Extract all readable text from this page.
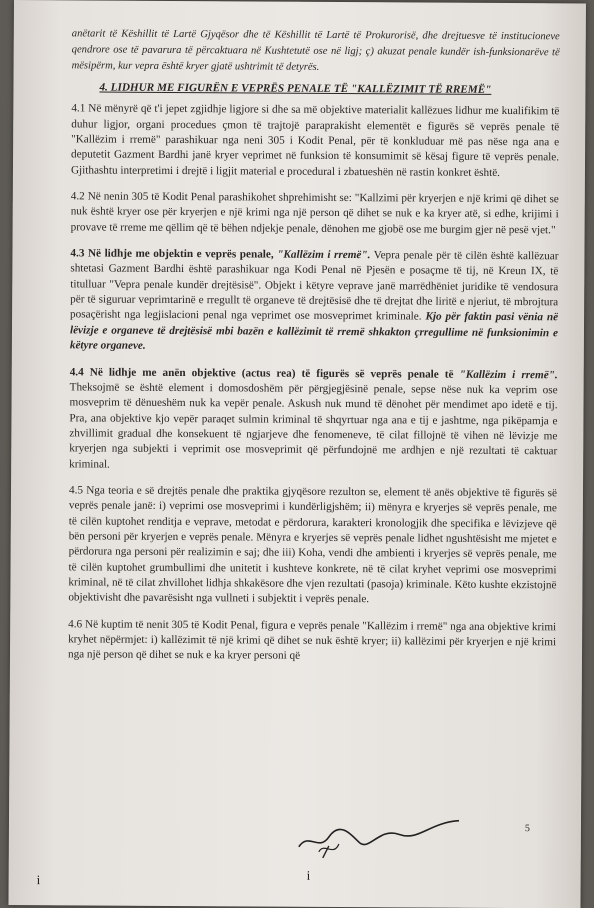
anëtarit të Këshillit të Lartë Gjyqësor dhe të Këshillit të Lartë të Prokurorisë, dhe drejtuesve të institucioneve qendrore ose të pavarura të përcaktuara në Kushtetutë ose në ligj; ç) akuzat penale kundër ish-funksionarëve të mësipërm, kur vepra është kryer gjatë ushtrimit të detyrës.

4. LIDHUR ME FIGURËN E VEPRËS PENALE TË "KALLËZIMIT TË RREMË"

4.1 Në mënyrë që t'i jepet zgjidhje ligjore si dhe sa më objektive materialit kallëzues lidhur me kualifikim të duhur ligjor, organi procedues çmon të trajtojë paraprakisht elementët e figurës së veprës penale të "Kallëzim i rremë" parashikuar nga neni 305 i Kodit Penal, për të konkluduar më pas nëse nga ana e deputetit Gazment Bardhi janë kryer veprimet në funksion të konsumimit së kësaj figure të veprës penale. Gjithashtu interpretimi i drejtë i ligjit material e procedural i zbatueshën në rastin konkret është.

4.2 Në nenin 305 të Kodit Penal parashikohet shprehimisht se: "Kallzimi për kryerjen e një krimi që dihet se nuk është kryer ose për kryerjen e një krimi nga një person që dihet se nuk e ka kryer atë, si edhe, krijimi i provave të rreme me qëllim që të bëhen ndjekje penale, dënohen me gjobë ose me burgim gjer në pesë vjet."

4.3 Në lidhje me objektin e veprës penale, "Kallëzim i rremë". Vepra penale për të cilën është kallëzuar shtetasi Gazment Bardhi është parashikuar nga Kodi Penal në Pjesën e posaçme të tij, në Kreun IX, të titulluar "Vepra penale kundër drejtësisë". Objekt i këtyre veprave janë marrëdhëniet juridike të vendosura për të siguruar veprimtarinë e rregullt të organeve të drejtësisë dhe të drejtat dhe liritë e njeriut, të mbrojtura posaçërisht nga legjislacioni penal nga veprimet ose mosveprimet kriminale. Kjo për faktin pasi vënia në lëvizje e organeve të drejtësisë mbi bazën e kallëzimit të rremë shkakton çrregullime në funksionimin e këtyre organeve.

4.4 Në lidhje me anën objektive (actus rea) të figurës së veprës penale të "Kallëzim i rremë". Theksojmë se është element i domosdoshëm për përgjegjësinë penale, sepse nëse nuk ka veprim ose mosveprim të dënueshëm nuk ka vepër penale. Askush nuk mund të dënohet për mendimet apo idetë e tij. Pra, ana objektive kjo vepër paraqet sulmin kriminal të shqyrtuar nga ana e tij e jashtme, nga pikëpamja e zhvillimit gradual dhe konsekuent të ngjarjeve dhe fenomeneve, të cilat fillojnë të vihen në lëvizje me kryerjen nga subjekti i veprimit ose mosveprimit që përfundojnë me ardhjen e një rezultati të caktuar kriminal.

4.5 Nga teoria e së drejtës penale dhe praktika gjyqësore rezulton se, element të anës objektive të figurës së veprës penale janë: i) veprimi ose mosveprimi i kundërligjshëm; ii) mënyra e kryerjes së veprës penale, me të cilën kuptohet renditja e veprave, metodat e përdorura, karakteri kronologjik dhe specifika e lëvizjeve që bën personi për kryerjen e veprës penale. Mënyra e kryerjes së veprës penale lidhet ngushtësisht me mjetet e përdorura nga personi për realizimin e saj; dhe iii) Koha, vendi dhe ambienti i kryerjes së veprës penale, me të cilën kuptohet grumbullimi dhe unitetit i kushteve konkrete, në të cilat kryhet veprimi ose mosveprimi kriminal, në të cilat zhvillohet lidhja shkakësore dhe vjen rezultati (pasoja) kriminale. Këto kushte ekzistojnë objektivisht dhe pavarësisht nga vullneti i subjektit i veprës penale.

4.6 Në kuptim të nenit 305 të Kodit Penal, figura e veprës penale "Kallëzim i rremë" nga ana objektive krimi kryhet nëpërmjet: i) kallëzimit të një krimi që dihet se nuk është kryer; ii) kallëzimi për kryerjen e një krimi nga një person që dihet se nuk e ka kryer personi që

5
i	i
